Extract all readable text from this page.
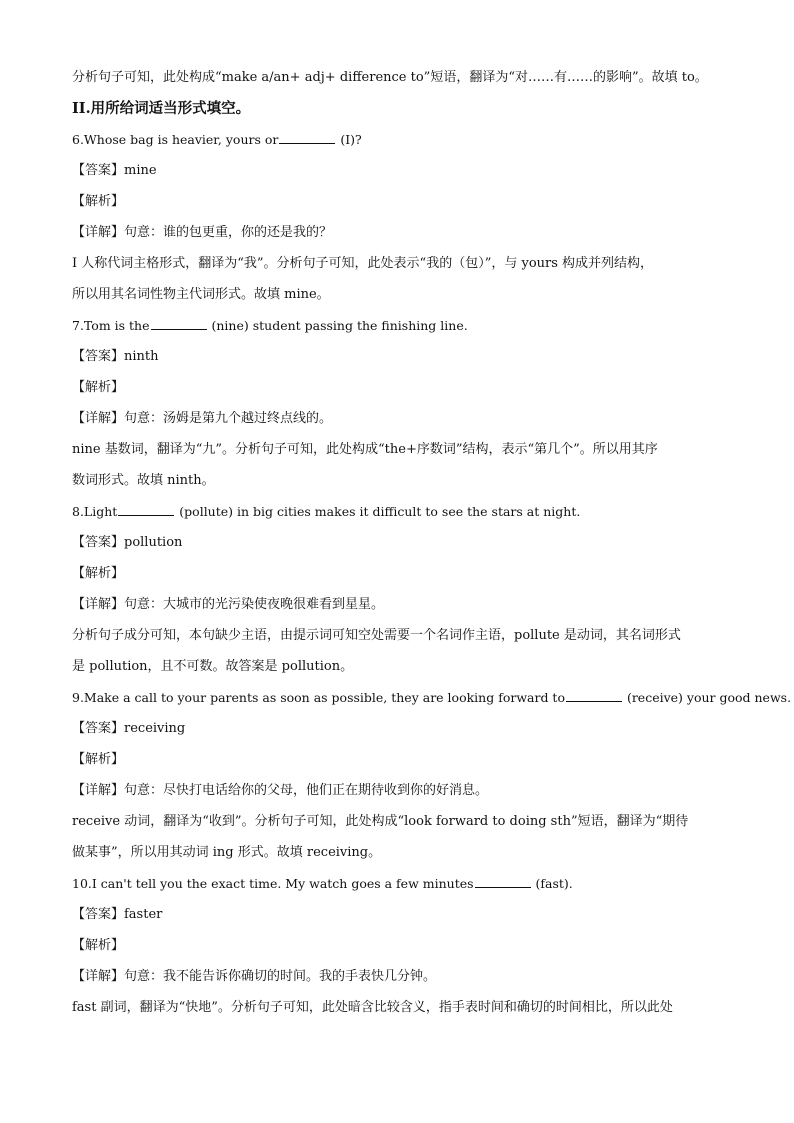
分析句子可知，此处构成“make a/an+ adj+ difference to”短语，翻译为“对……有……的影响”。故填 to。
II.用所给词适当形式填空。
6.Whose bag is heavier, yours or	(I)?
【答案】mine
【解析】
【详解】句意：谁的包更重，你的还是我的？
I 人称代词主格形式，翻译为“我”。分析句子可知，此处表示“我的（包）”，与 yours 构成并列结构，
所以用其名词性物主代词形式。故填 mine。
7.Tom is the	(nine) student passing the finishing line.
【答案】ninth
【解析】
【详解】句意：汤姆是第九个越过终点线的。
nine 基数词，翻译为“九”。分析句子可知，此处构成“the+序数词”结构，表示“第几个”。所以用其序
数词形式。故填 ninth。
8.Light	(pollute) in big cities makes it difficult to see the stars at night.
【答案】pollution
【解析】
【详解】句意：大城市的光污染使夜晚很难看到星星。
分析句子成分可知，本句缺少主语，由提示词可知空处需要一个名词作主语，pollute 是动词，其名词形式
是 pollution，且不可数。故答案是 pollution。
9.Make a call to your parents as soon as possible, they are looking forward to	(receive) your good news.
【答案】receiving
【解析】
【详解】句意：尽快打电话给你的父母，他们正在期待收到你的好消息。
receive 动词，翻译为“收到”。分析句子可知，此处构成“look forward to doing sth”短语，翻译为“期待
做某事”，所以用其动词 ing 形式。故填 receiving。
10.I can't tell you the exact time. My watch goes a few minutes	(fast).
【答案】faster
【解析】
【详解】句意：我不能告诉你确切的时间。我的手表快几分钟。
fast 副词，翻译为“快地”。分析句子可知，此处暗含比较含义，指手表时间和确切的时间相比，所以此处
